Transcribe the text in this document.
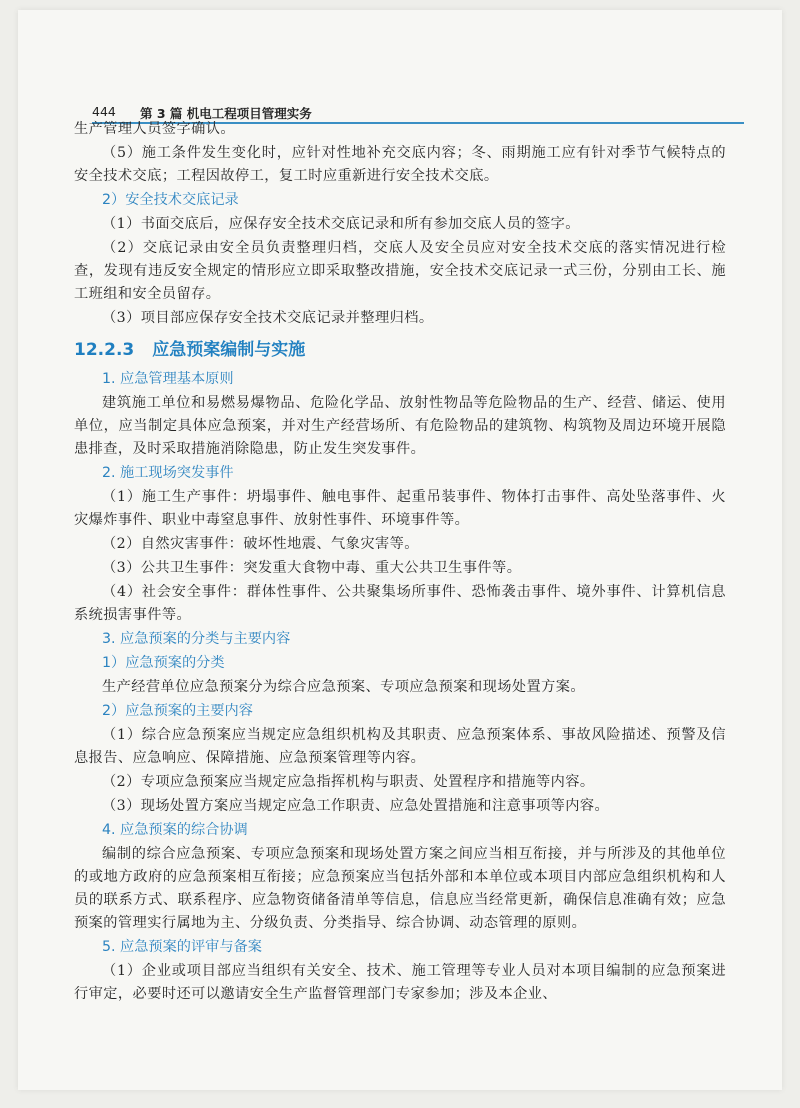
444 第 3 篇 机电工程项目管理实务

生产管理人员签字确认。

（5）施工条件发生变化时，应针对性地补充交底内容；冬、雨期施工应有针对季节气候特点的安全技术交底；工程因故停工，复工时应重新进行安全技术交底。

2）安全技术交底记录

（1）书面交底后，应保存安全技术交底记录和所有参加交底人员的签字。

（2）交底记录由安全员负责整理归档，交底人及安全员应对安全技术交底的落实情况进行检查，发现有违反安全规定的情形应立即采取整改措施，安全技术交底记录一式三份，分别由工长、施工班组和安全员留存。

（3）项目部应保存安全技术交底记录并整理归档。

12.2.3 应急预案编制与实施
1. 应急管理基本原则

建筑施工单位和易燃易爆物品、危险化学品、放射性物品等危险物品的生产、经营、储运、使用单位，应当制定具体应急预案，并对生产经营场所、有危险物品的建筑物、构筑物及周边环境开展隐患排查，及时采取措施消除隐患，防止发生突发事件。

2. 施工现场突发事件

（1）施工生产事件：坍塌事件、触电事件、起重吊装事件、物体打击事件、高处坠落事件、火灾爆炸事件、职业中毒窒息事件、放射性事件、环境事件等。

（2）自然灾害事件：破坏性地震、气象灾害等。

（3）公共卫生事件：突发重大食物中毒、重大公共卫生事件等。

（4）社会安全事件：群体性事件、公共聚集场所事件、恐怖袭击事件、境外事件、计算机信息系统损害事件等。

3. 应急预案的分类与主要内容
1）应急预案的分类

生产经营单位应急预案分为综合应急预案、专项应急预案和现场处置方案。

2）应急预案的主要内容

（1）综合应急预案应当规定应急组织机构及其职责、应急预案体系、事故风险描述、预警及信息报告、应急响应、保障措施、应急预案管理等内容。

（2）专项应急预案应当规定应急指挥机构与职责、处置程序和措施等内容。

（3）现场处置方案应当规定应急工作职责、应急处置措施和注意事项等内容。

4. 应急预案的综合协调

编制的综合应急预案、专项应急预案和现场处置方案之间应当相互衔接，并与所涉及的其他单位的或地方政府的应急预案相互衔接；应急预案应当包括外部和本单位或本项目内部应急组织机构和人员的联系方式、联系程序、应急物资储备清单等信息，信息应当经常更新，确保信息准确有效；应急预案的管理实行属地为主、分级负责、分类指导、综合协调、动态管理的原则。

5. 应急预案的评审与备案

（1）企业或项目部应当组织有关安全、技术、施工管理等专业人员对本项目编制的应急预案进行审定，必要时还可以邀请安全生产监督管理部门专家参加；涉及本企业、
